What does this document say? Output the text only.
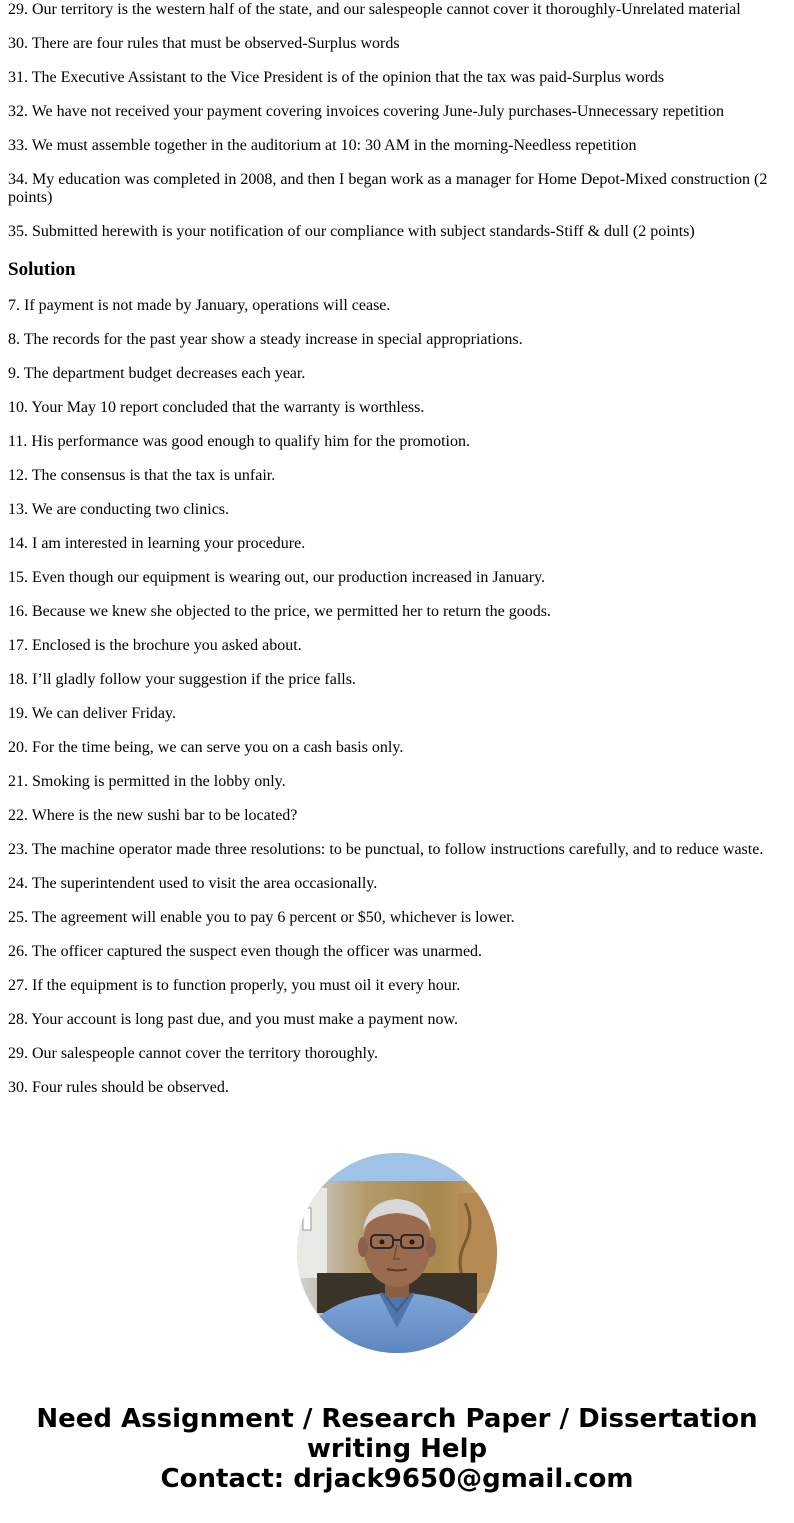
29. Our territory is the western half of the state, and our salespeople cannot cover it thoroughly-Unrelated material

30. There are four rules that must be observed-Surplus words

31. The Executive Assistant to the Vice President is of the opinion that the tax was paid-Surplus words

32. We have not received your payment covering invoices covering June-July purchases-Unnecessary repetition

33. We must assemble together in the auditorium at 10: 30 AM in the morning-Needless repetition

34. My education was completed in 2008, and then I began work as a manager for Home Depot-Mixed construction (2 points)

35. Submitted herewith is your notification of our compliance with subject standards-Stiff & dull (2 points)

Solution

7. If payment is not made by January, operations will cease.

8. The records for the past year show a steady increase in special appropriations.

9. The department budget decreases each year.

10. Your May 10 report concluded that the warranty is worthless.

11. His performance was good enough to qualify him for the promotion.

12. The consensus is that the tax is unfair.

13. We are conducting two clinics.

14. I am interested in learning your procedure.

15. Even though our equipment is wearing out, our production increased in January.

16. Because we knew she objected to the price, we permitted her to return the goods.

17. Enclosed is the brochure you asked about.

18. I’ll gladly follow your suggestion if the price falls.

19. We can deliver Friday.

20. For the time being, we can serve you on a cash basis only.

21. Smoking is permitted in the lobby only.

22. Where is the new sushi bar to be located?

23. The machine operator made three resolutions: to be punctual, to follow instructions carefully, and to reduce waste.

24. The superintendent used to visit the area occasionally.

25. The agreement will enable you to pay 6 percent or $50, whichever is lower.

26. The officer captured the suspect even though the officer was unarmed.

27. If the equipment is to function properly, you must oil it every hour.

28. Your account is long past due, and you must make a payment now.

29. Our salespeople cannot cover the territory thoroughly.

30. Four rules should be observed.

Need Assignment / Research Paper / Dissertation
writing Help
Contact: drjack9650@gmail.com
